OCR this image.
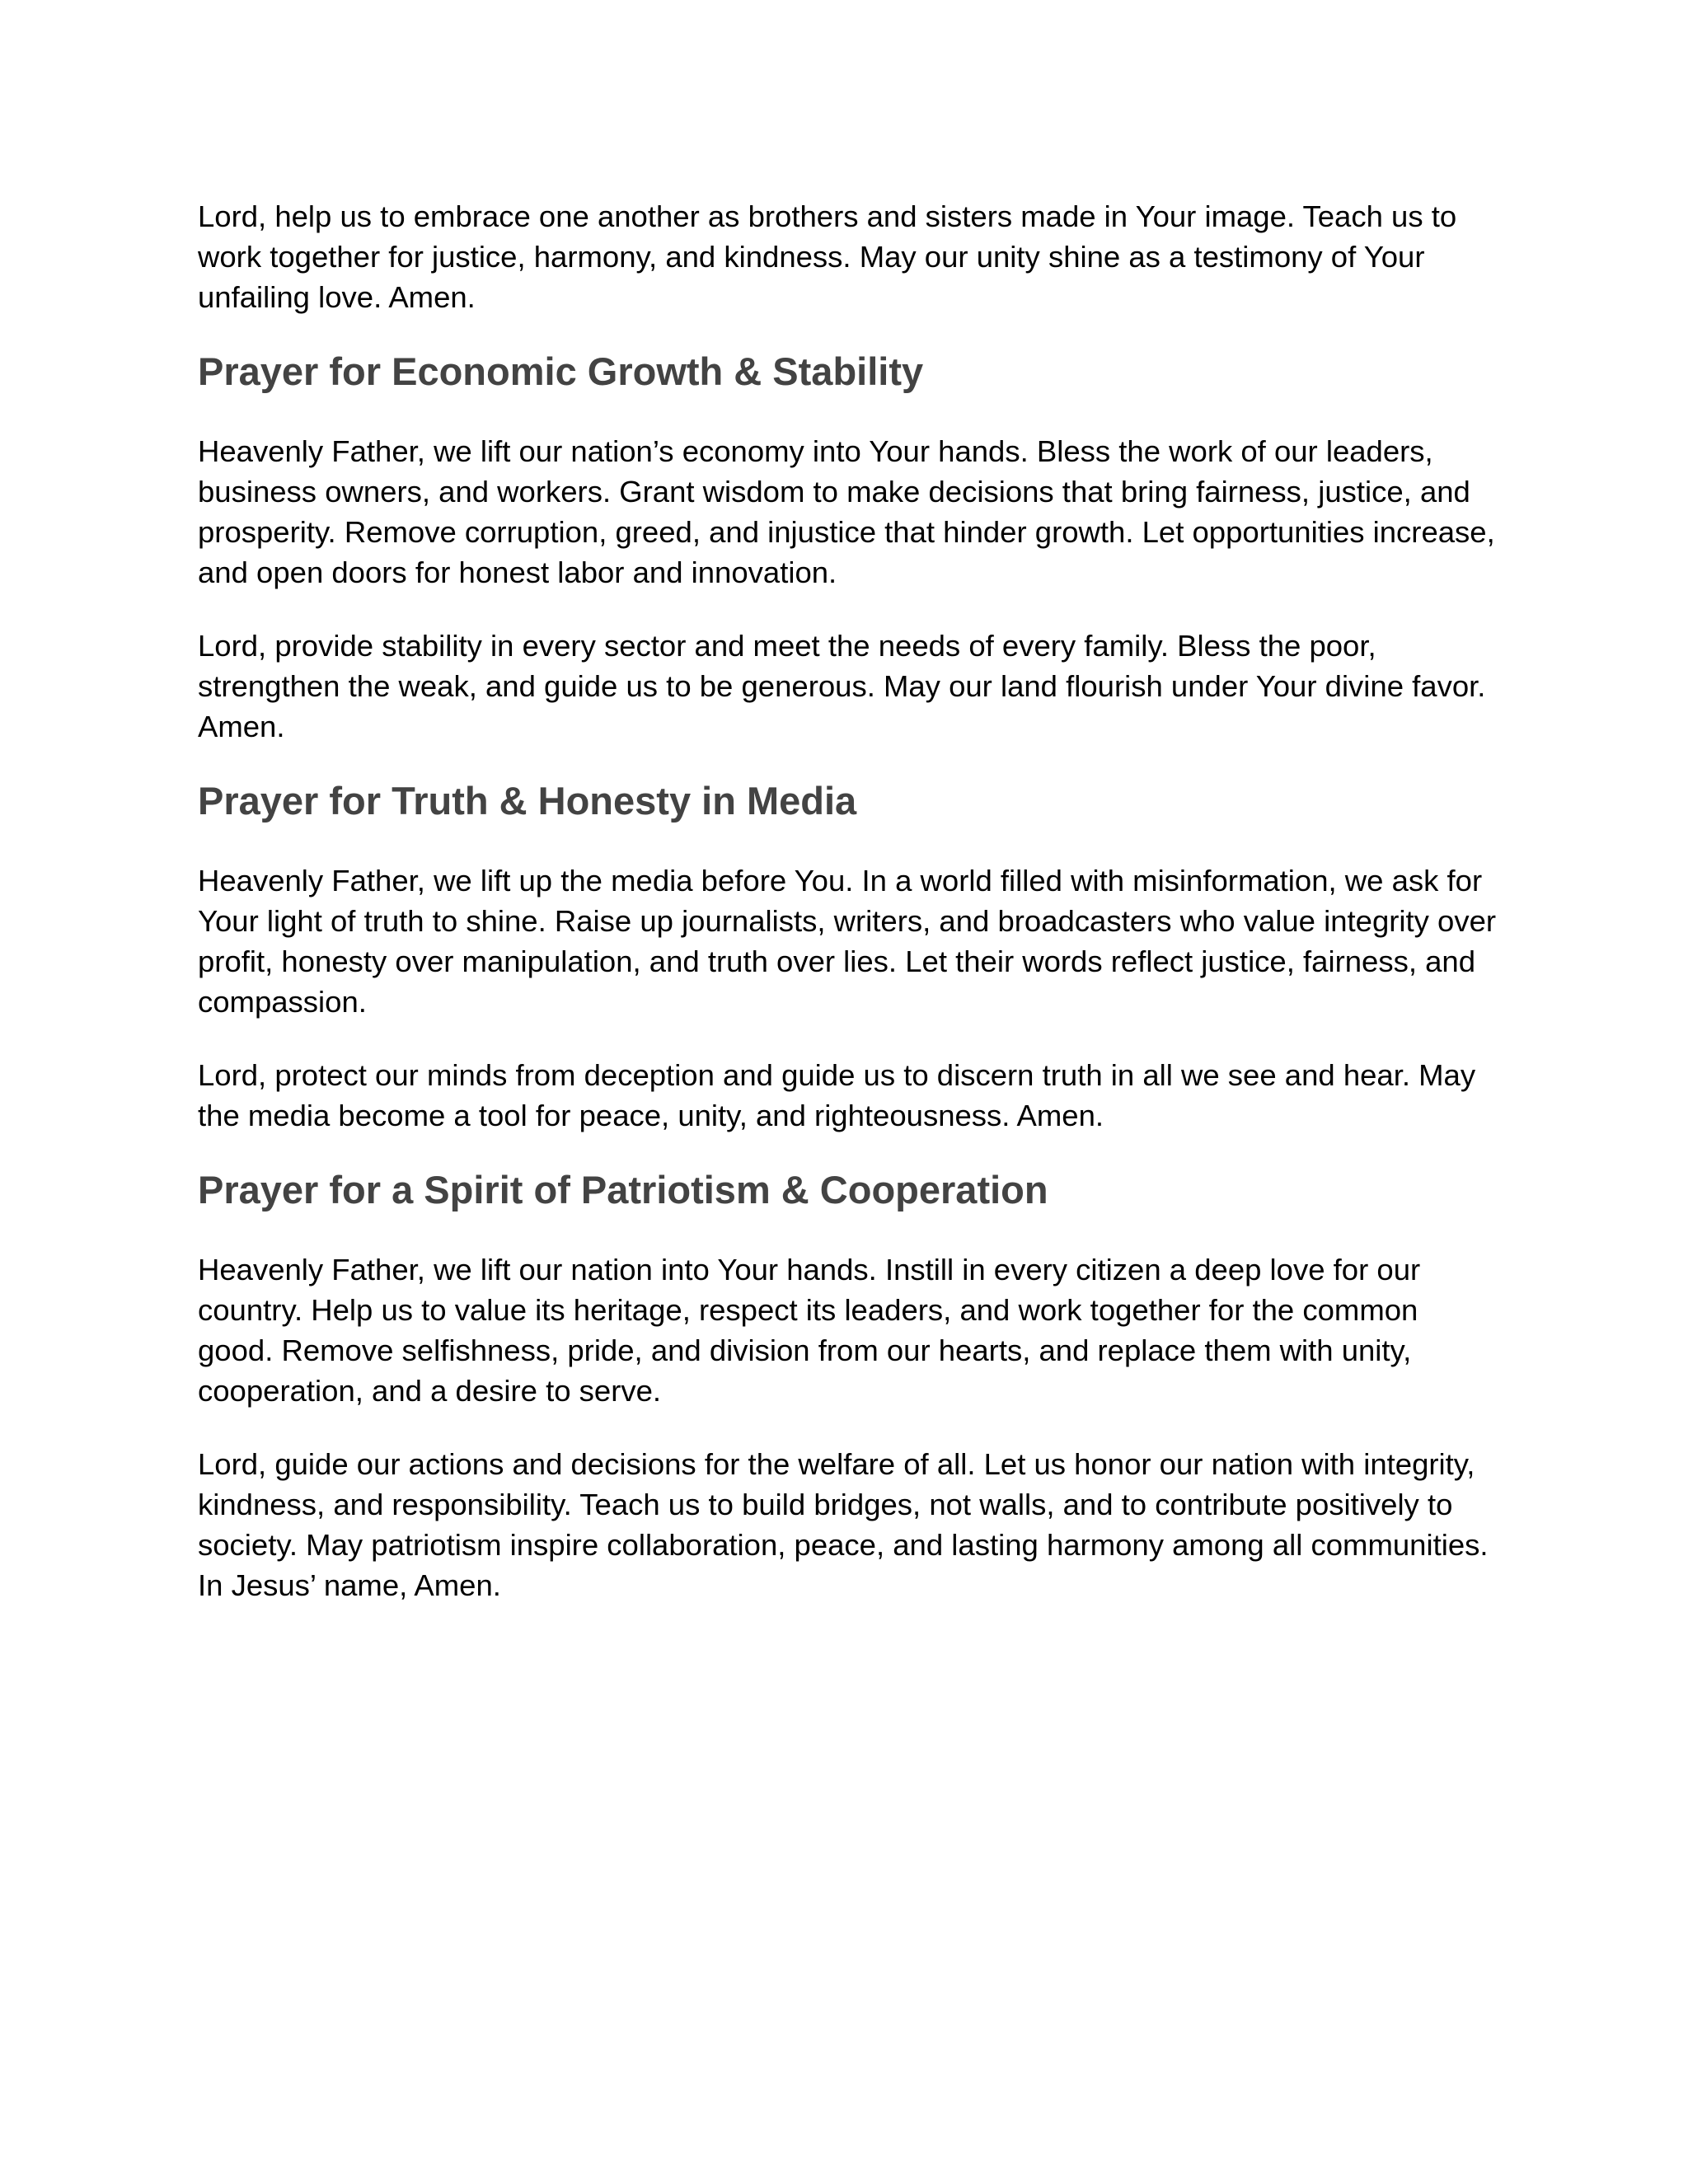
Lord, help us to embrace one another as brothers and sisters made in Your image. Teach us to work together for justice, harmony, and kindness. May our unity shine as a testimony of Your unfailing love. Amen.

Prayer for Economic Growth & Stability

Heavenly Father, we lift our nation’s economy into Your hands. Bless the work of our leaders, business owners, and workers. Grant wisdom to make decisions that bring fairness, justice, and prosperity. Remove corruption, greed, and injustice that hinder growth. Let opportunities increase, and open doors for honest labor and innovation.

Lord, provide stability in every sector and meet the needs of every family. Bless the poor, strengthen the weak, and guide us to be generous. May our land flourish under Your divine favor. Amen.

Prayer for Truth & Honesty in Media

Heavenly Father, we lift up the media before You. In a world filled with misinformation, we ask for Your light of truth to shine. Raise up journalists, writers, and broadcasters who value integrity over profit, honesty over manipulation, and truth over lies. Let their words reflect justice, fairness, and compassion.

Lord, protect our minds from deception and guide us to discern truth in all we see and hear. May the media become a tool for peace, unity, and righteousness. Amen.

Prayer for a Spirit of Patriotism & Cooperation

Heavenly Father, we lift our nation into Your hands. Instill in every citizen a deep love for our country. Help us to value its heritage, respect its leaders, and work together for the common good. Remove selfishness, pride, and division from our hearts, and replace them with unity, cooperation, and a desire to serve.

Lord, guide our actions and decisions for the welfare of all. Let us honor our nation with integrity, kindness, and responsibility. Teach us to build bridges, not walls, and to contribute positively to society. May patriotism inspire collaboration, peace, and lasting harmony among all communities. In Jesus’ name, Amen.
